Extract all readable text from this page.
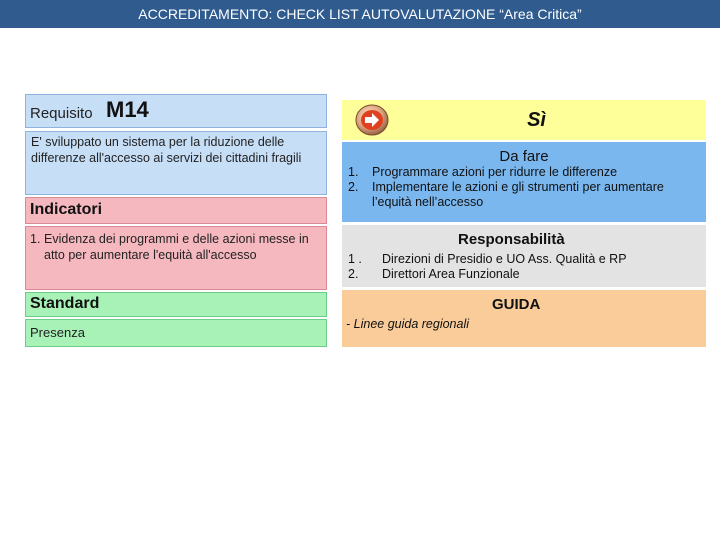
ACCREDITAMENTO: CHECK LIST AUTOVALUTAZIONE “Area Critica”
Requisito M14
E' sviluppato un sistema per la riduzione delle differenze all'accesso ai servizi dei cittadini fragili
Indicatori
1. Evidenza dei programmi e delle azioni messe in atto per aumentare l'equità all'accesso
Standard
Presenza
Sì
Da fare
1.	Programmare azioni per ridurre le differenze
2.	Implementare le azioni e gli strumenti per aumentare l’equità nell’accesso
Responsabilità
1 .	Direzioni di Presidio e UO Ass. Qualità e RP
2.	Direttori Area Funzionale
GUIDA
- Linee guida regionali
